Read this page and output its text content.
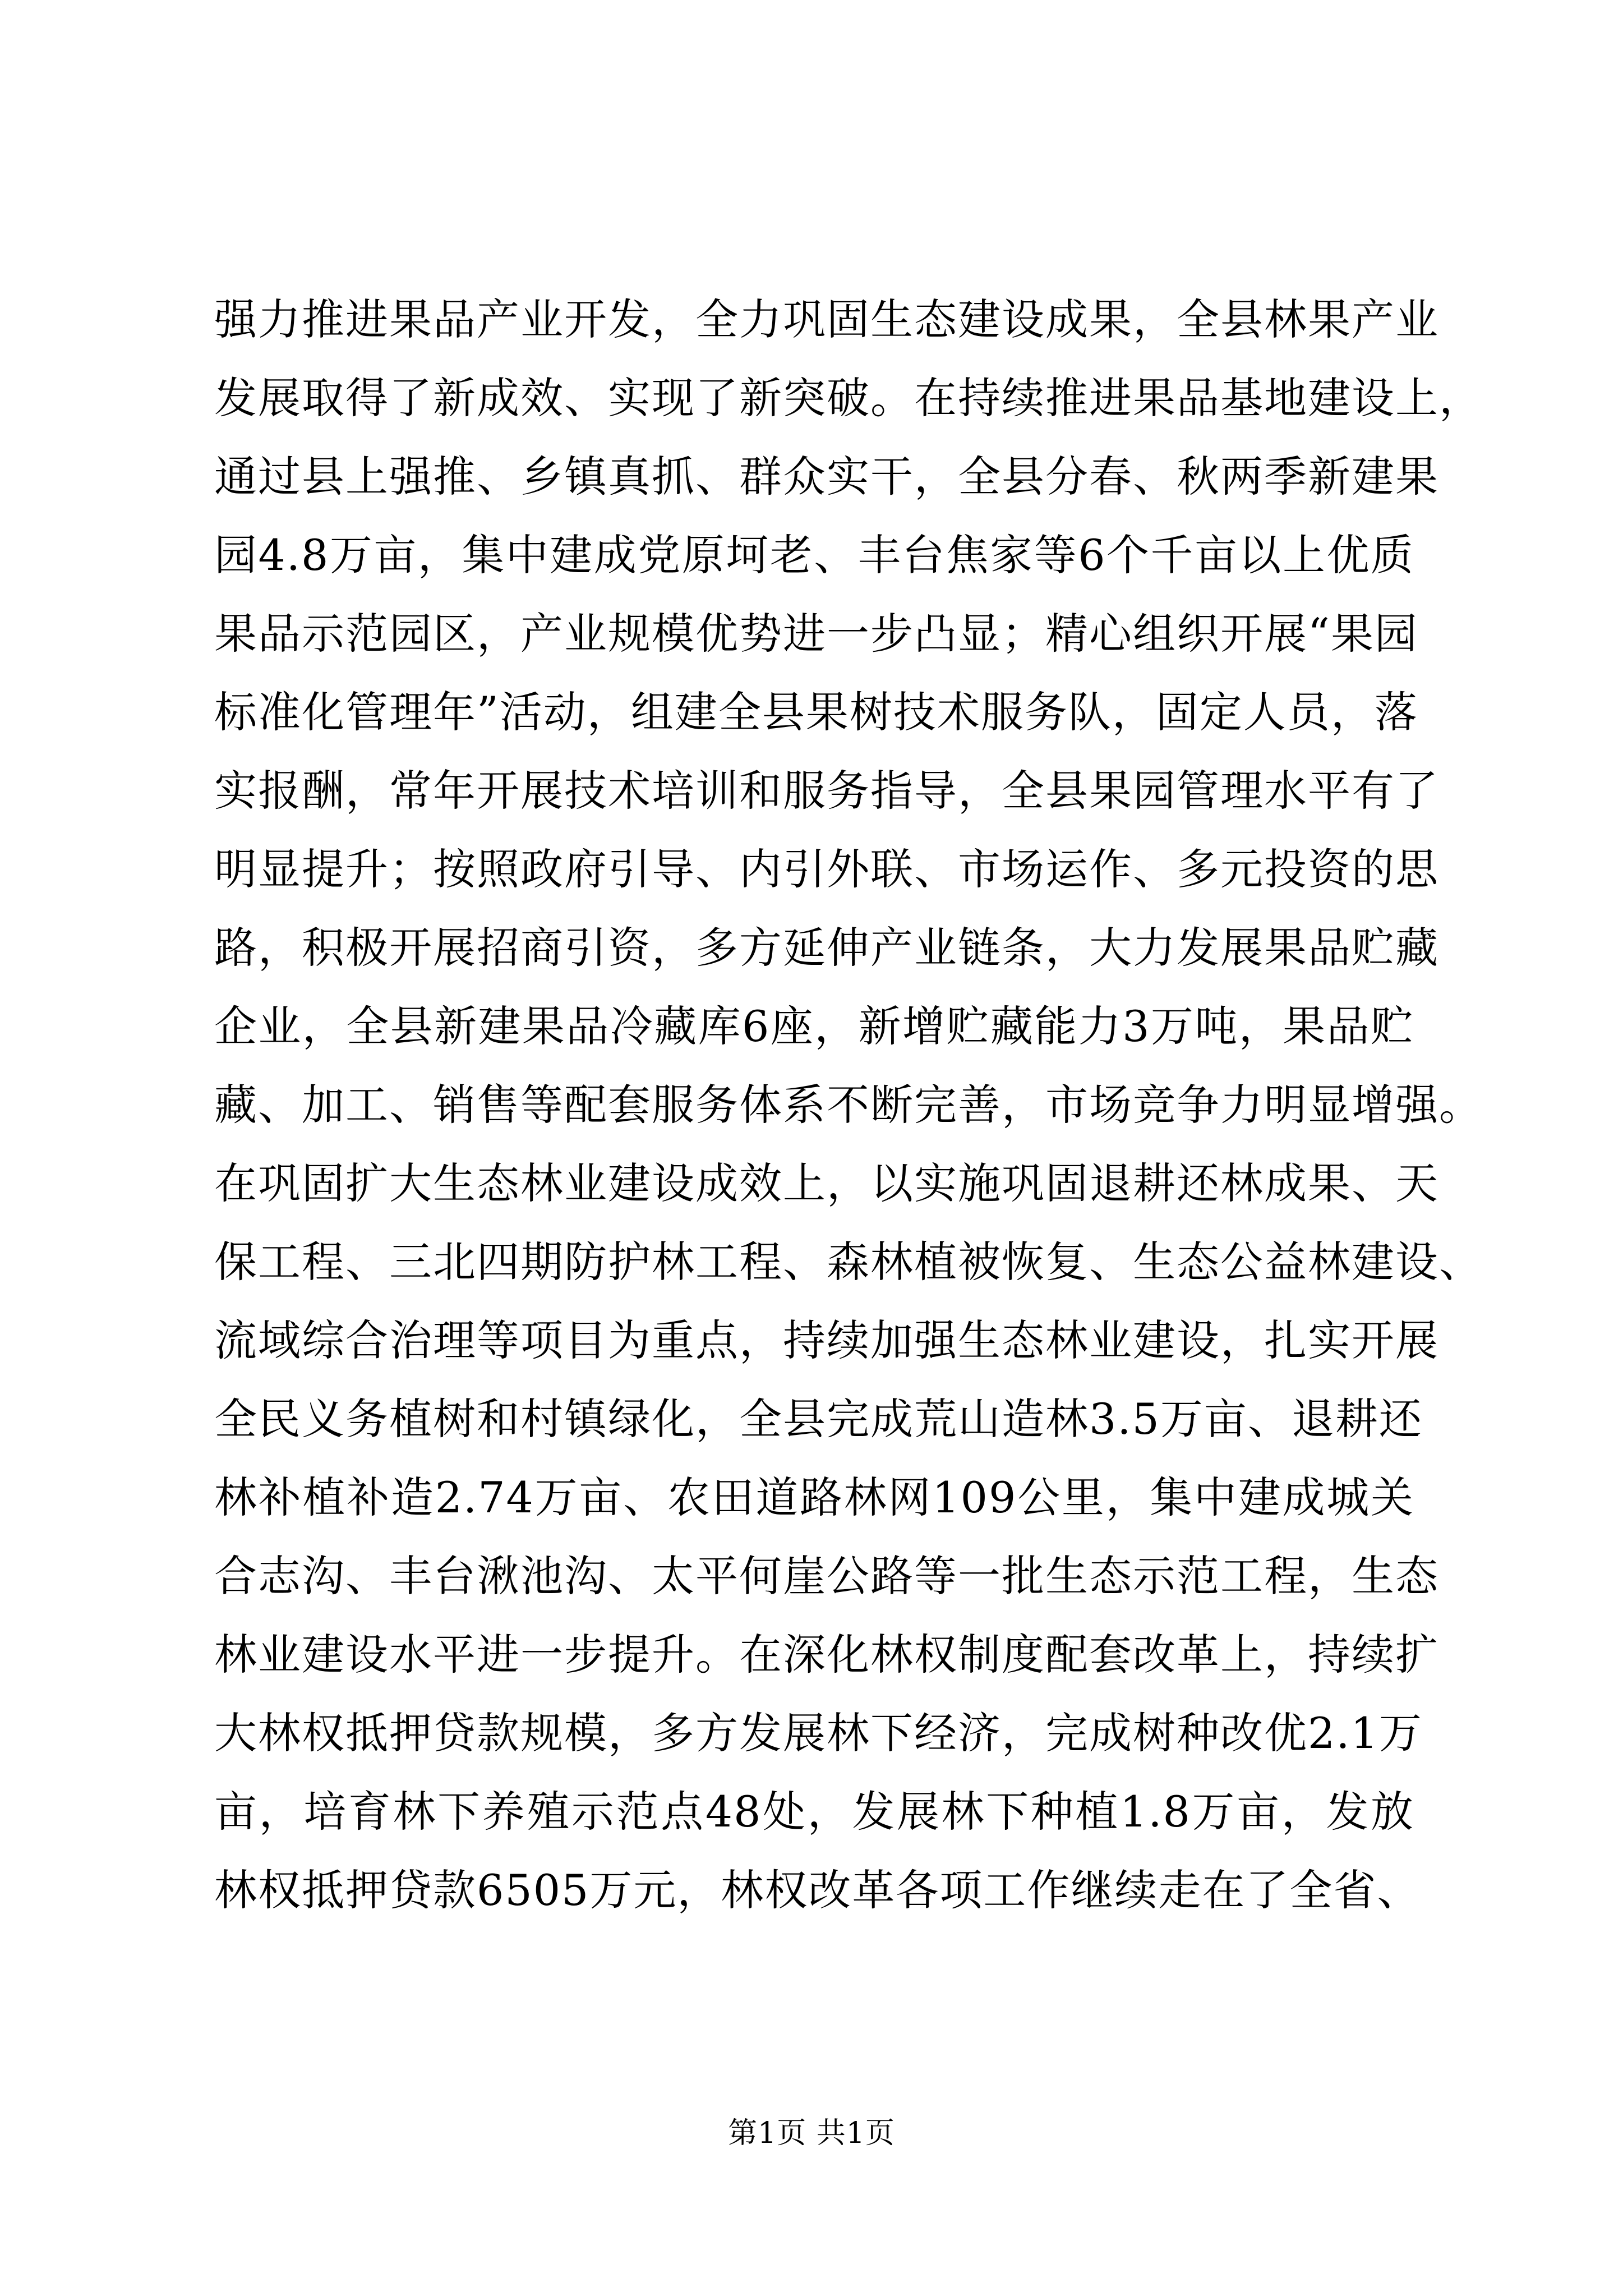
强力推进果品产业开发，全力巩固生态建设成果，全县林果产业
发展取得了新成效、实现了新突破。在持续推进果品基地建设上，
通过县上强推、乡镇真抓、群众实干，全县分春、秋两季新建果
园4.8万亩，集中建成党原坷老、丰台焦家等6个千亩以上优质
果品示范园区，产业规模优势进一步凸显；精心组织开展“果园
标准化管理年”活动，组建全县果树技术服务队，固定人员，落
实报酬，常年开展技术培训和服务指导，全县果园管理水平有了
明显提升；按照政府引导、内引外联、市场运作、多元投资的思
路，积极开展招商引资，多方延伸产业链条，大力发展果品贮藏
企业，全县新建果品冷藏库6座，新增贮藏能力3万吨，果品贮
藏、加工、销售等配套服务体系不断完善，市场竞争力明显增强。
在巩固扩大生态林业建设成效上，以实施巩固退耕还林成果、天
保工程、三北四期防护林工程、森林植被恢复、生态公益林建设、
流域综合治理等项目为重点，持续加强生态林业建设，扎实开展
全民义务植树和村镇绿化，全县完成荒山造林3.5万亩、退耕还
林补植补造2.74万亩、农田道路林网109公里，集中建成城关
合志沟、丰台湫池沟、太平何崖公路等一批生态示范工程，生态
林业建设水平进一步提升。在深化林权制度配套改革上，持续扩
大林权抵押贷款规模，多方发展林下经济，完成树种改优2.1万
亩，培育林下养殖示范点48处，发展林下种植1.8万亩，发放
林权抵押贷款6505万元，林权改革各项工作继续走在了全省、
第1页 共1页
